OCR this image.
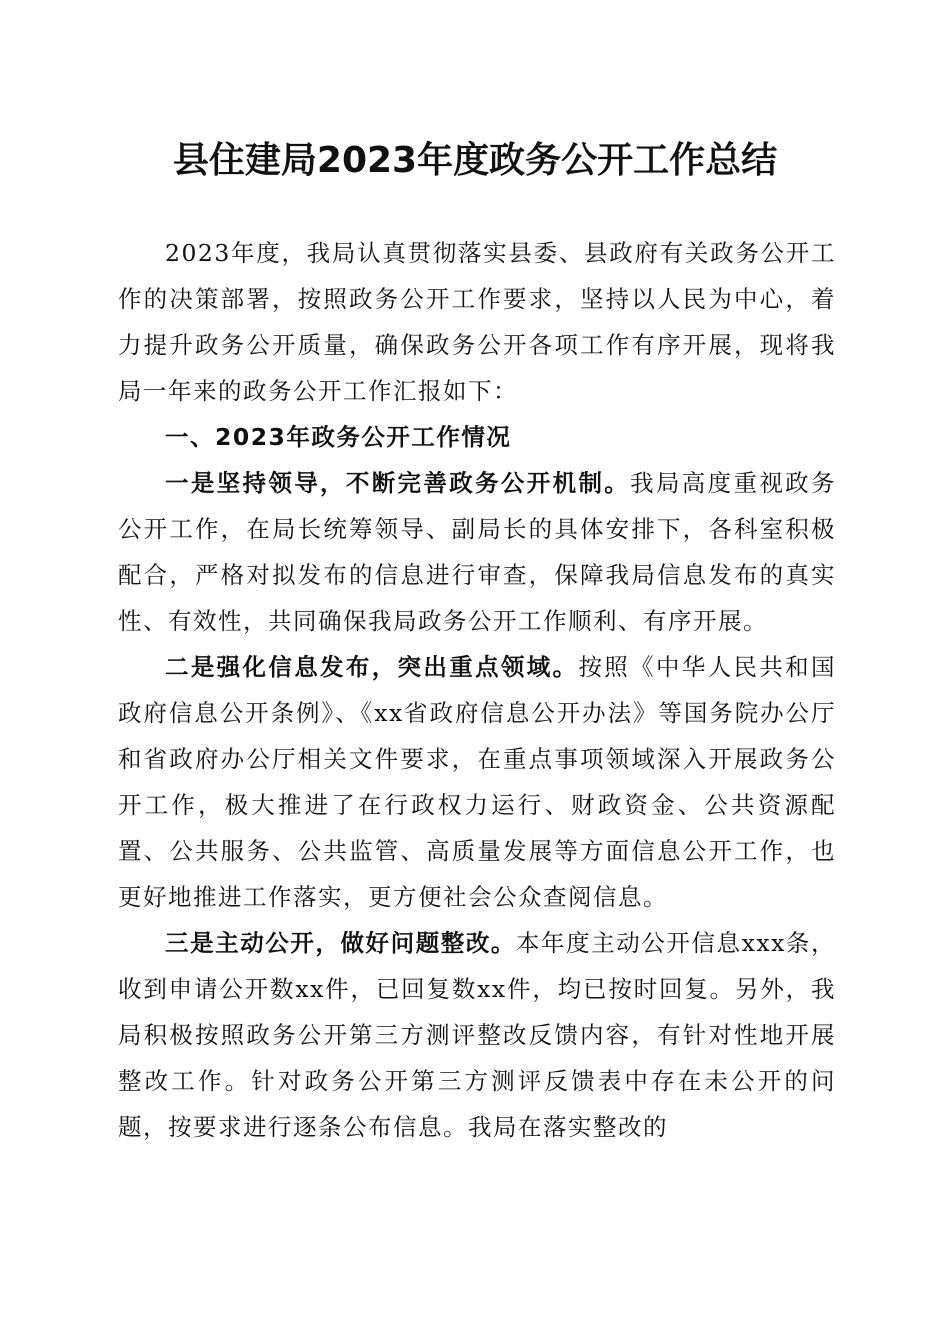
县住建局2023年度政务公开工作总结

2023年度，我局认真贯彻落实县委、县政府有关政务公开工作的决策部署，按照政务公开工作要求，坚持以人民为中心，着力提升政务公开质量，确保政务公开各项工作有序开展，现将我局一年来的政务公开工作汇报如下：

一、2023年政务公开工作情况

一是坚持领导，不断完善政务公开机制。我局高度重视政务公开工作，在局长统筹领导、副局长的具体安排下，各科室积极配合，严格对拟发布的信息进行审查，保障我局信息发布的真实性、有效性，共同确保我局政务公开工作顺利、有序开展。

二是强化信息发布，突出重点领域。按照《中华人民共和国政府信息公开条例》、《xx省政府信息公开办法》等国务院办公厅和省政府办公厅相关文件要求，在重点事项领域深入开展政务公开工作，极大推进了在行政权力运行、财政资金、公共资源配置、公共服务、公共监管、高质量发展等方面信息公开工作，也更好地推进工作落实，更方便社会公众查阅信息。

三是主动公开，做好问题整改。本年度主动公开信息xxx条，收到申请公开数xx件，已回复数xx件，均已按时回复。另外，我局积极按照政务公开第三方测评整改反馈内容，有针对性地开展整改工作。针对政务公开第三方测评反馈表中存在未公开的问题，按要求进行逐条公布信息。我局在落实整改的
